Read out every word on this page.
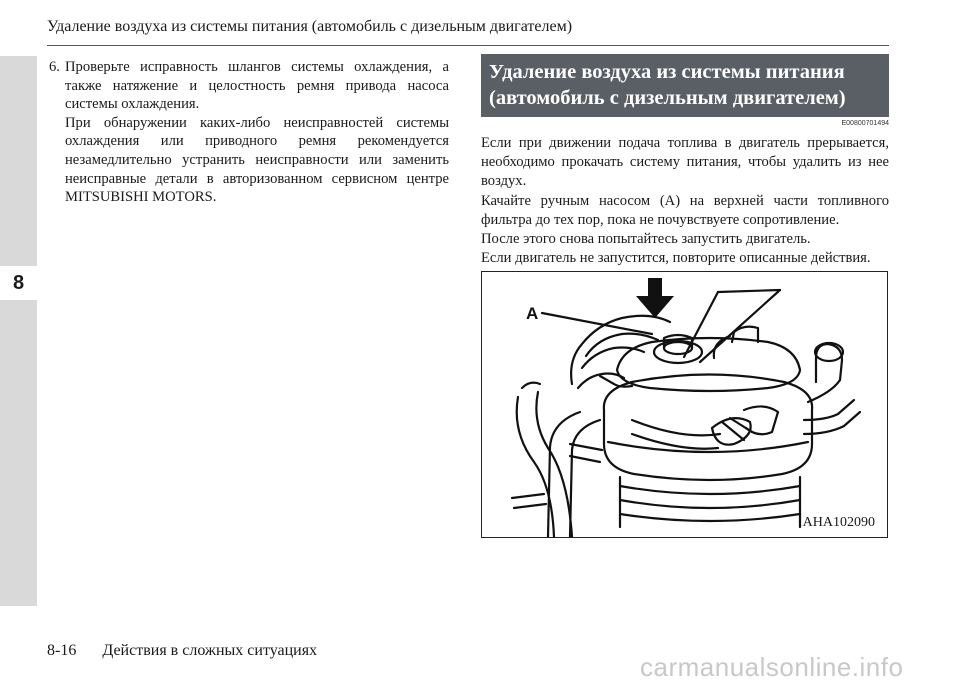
8
Удаление воздуха из системы питания (автомобиль с дизельным двигателем)
6. Проверьте исправность шлангов системы охлаждения, а также натяжение и целостность ремня привода насоса системы охлаждения.

При обнаружении каких-либо неисправностей системы охлаждения или приводного ремня рекомендуется незамедлительно устранить неисправности или заменить неисправные детали в авторизованном сервисном центре MITSUBISHI MOTORS.

Удаление воздуха из системы питания
(автомобиль с дизельным двигателем)
E00800701494

Если при движении подача топлива в двигатель прерывается, необходимо прокачать систему питания, чтобы удалить из нее воздух.

Качайте ручным насосом (А) на верхней части топливного фильтра до тех пор, пока не почувствуете сопротивление.

После этого снова попытайтесь запустить двигатель.

Если двигатель не запустится, повторите описанные действия.

A
AHA102090
8-16 Действия в сложных ситуациях
carmanualsonline.info
